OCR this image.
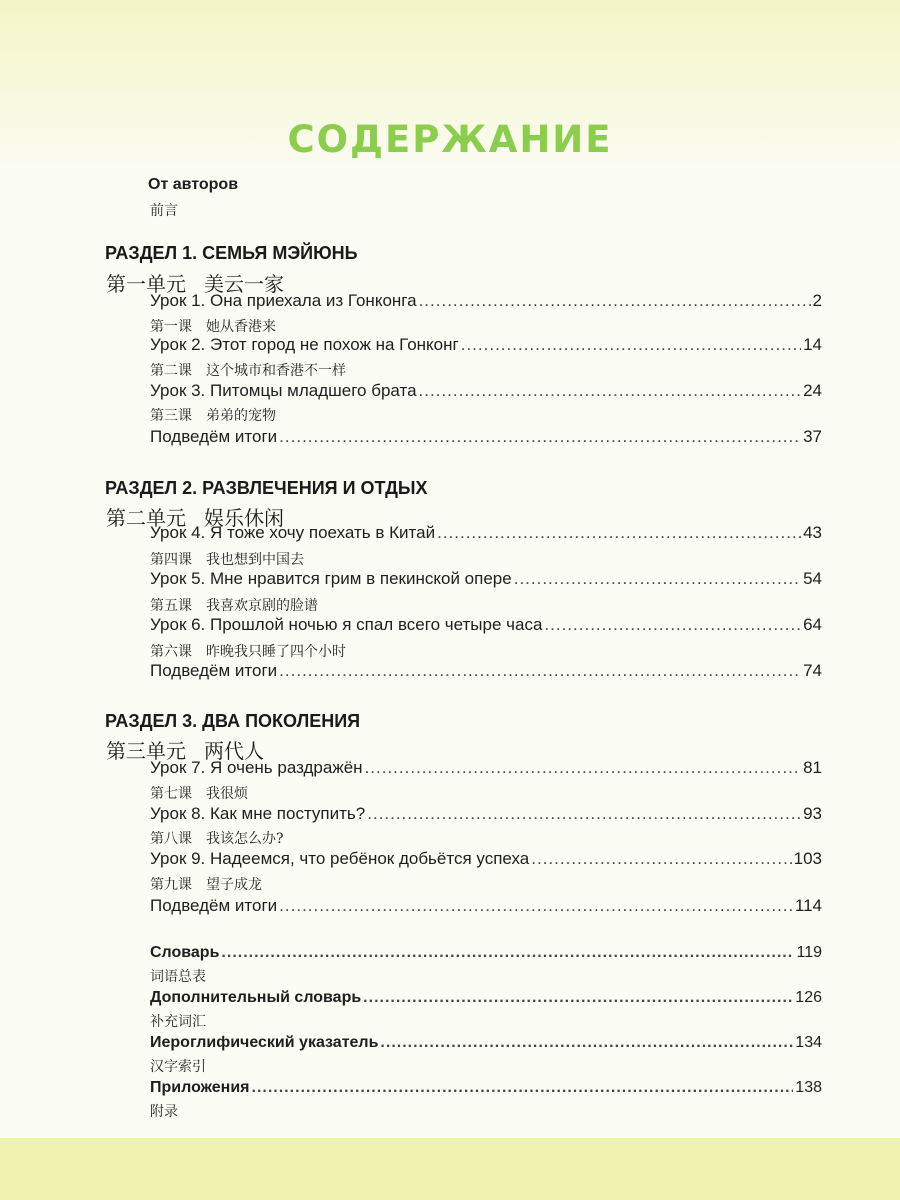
СОДЕРЖАНИЕ
От авторов
前言
РАЗДЕЛ 1. СЕМЬЯ МЭЙЮНЬ
第一单元 美云一家
Урок 1. Она приехала из Гонконга .....	2
第一课　她从香港来
Урок 2. Этот город не похож на Гонконг .....	14
第二课　这个城市和香港不一样
Урок 3. Питомцы младшего брата .....	24
第三课　弟弟的宠物
Подведём итоги .....	37
РАЗДЕЛ 2. РАЗВЛЕЧЕНИЯ И ОТДЫХ
第二单元 娱乐休闲
Урок 4. Я тоже хочу поехать в Китай .....	43
第四课　我也想到中国去
Урок 5. Мне нравится грим в пекинской опере .....	54
第五课　我喜欢京剧的脸谱
Урок 6. Прошлой ночью я спал всего четыре часа .....	64
第六课　昨晚我只睡了四个小时
Подведём итоги .....	74
РАЗДЕЛ 3. ДВА ПОКОЛЕНИЯ
第三单元 两代人
Урок 7. Я очень раздражён .....	81
第七课　我很烦
Урок 8. Как мне поступить? .....	93
第八课　我该怎么办?
Урок 9. Надеемся, что ребёнок добьётся успеха .....	103
第九课　望子成龙
Подведём итоги .....	114
Словарь .....	119
词语总表
Дополнительный словарь .....	126
补充词汇
Иероглифический указатель .....	134
汉字索引
Приложения .....	138
附录
